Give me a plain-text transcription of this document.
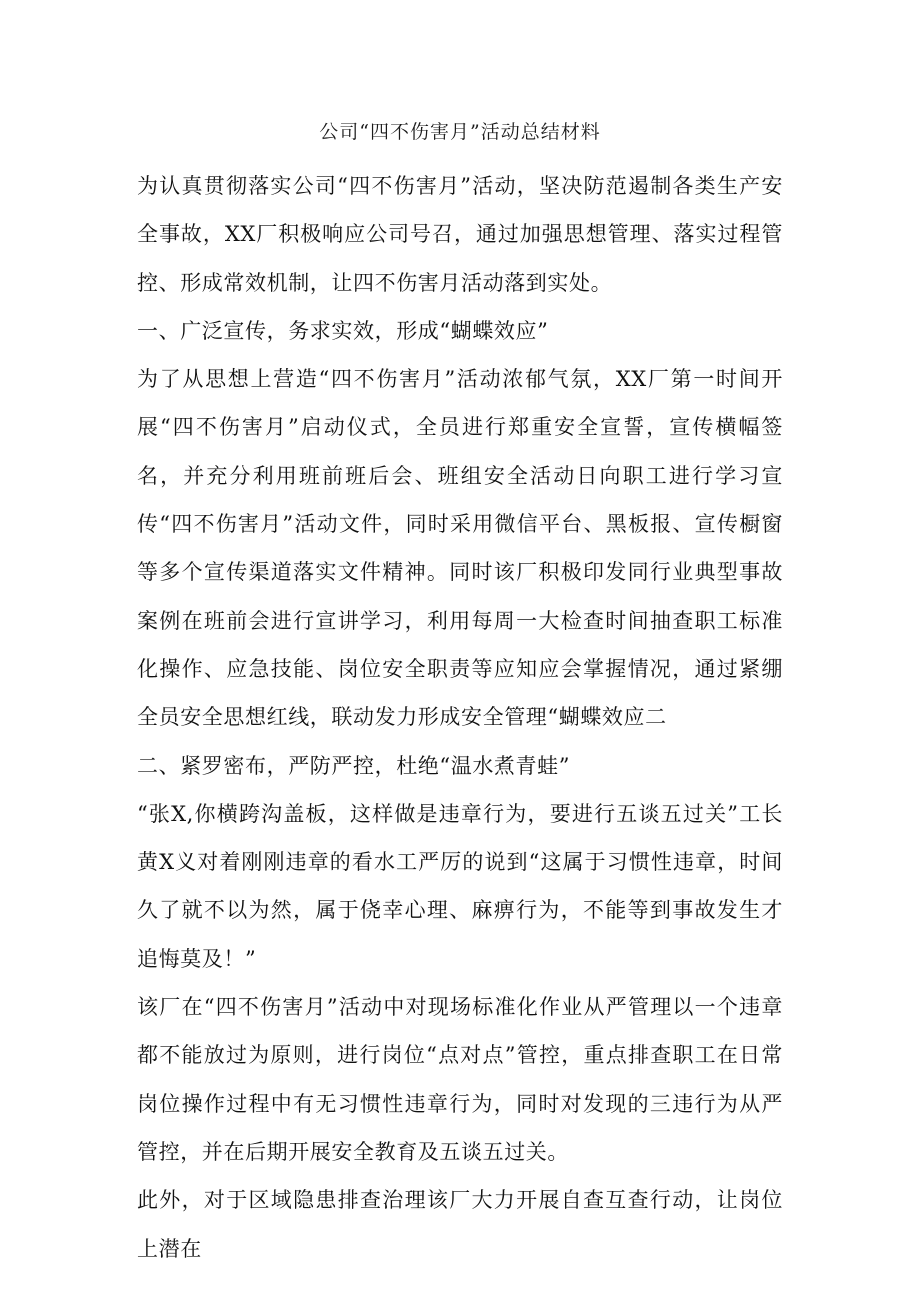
公司“四不伤害月”活动总结材料

为认真贯彻落实公司“四不伤害月”活动，坚决防范遏制各类生产安全事故，XX厂积极响应公司号召，通过加强思想管理、落实过程管控、形成常效机制，让四不伤害月活动落到实处。

一、广泛宣传，务求实效，形成“蝴蝶效应”

为了从思想上营造“四不伤害月”活动浓郁气氛，XX厂第一时间开展“四不伤害月”启动仪式，全员进行郑重安全宣誓，宣传横幅签名，并充分利用班前班后会、班组安全活动日向职工进行学习宣传“四不伤害月”活动文件，同时采用微信平台、黑板报、宣传橱窗等多个宣传渠道落实文件精神。同时该厂积极印发同行业典型事故案例在班前会进行宣讲学习，利用每周一大检查时间抽查职工标准化操作、应急技能、岗位安全职责等应知应会掌握情况，通过紧绷全员安全思想红线，联动发力形成安全管理“蝴蝶效应二

二、紧罗密布，严防严控，杜绝“温水煮青蛙”

“张X,你横跨沟盖板，这样做是违章行为，要进行五谈五过关”工长黄X义对着刚刚违章的看水工严厉的说到“这属于习惯性违章，时间久了就不以为然，属于侥幸心理、麻痹行为，不能等到事故发生才追悔莫及！”

该厂在“四不伤害月”活动中对现场标准化作业从严管理以一个违章都不能放过为原则，进行岗位“点对点”管控，重点排查职工在日常岗位操作过程中有无习惯性违章行为，同时对发现的三违行为从严管控，并在后期开展安全教育及五谈五过关。

此外，对于区域隐患排查治理该厂大力开展自查互查行动，让岗位上潜在
